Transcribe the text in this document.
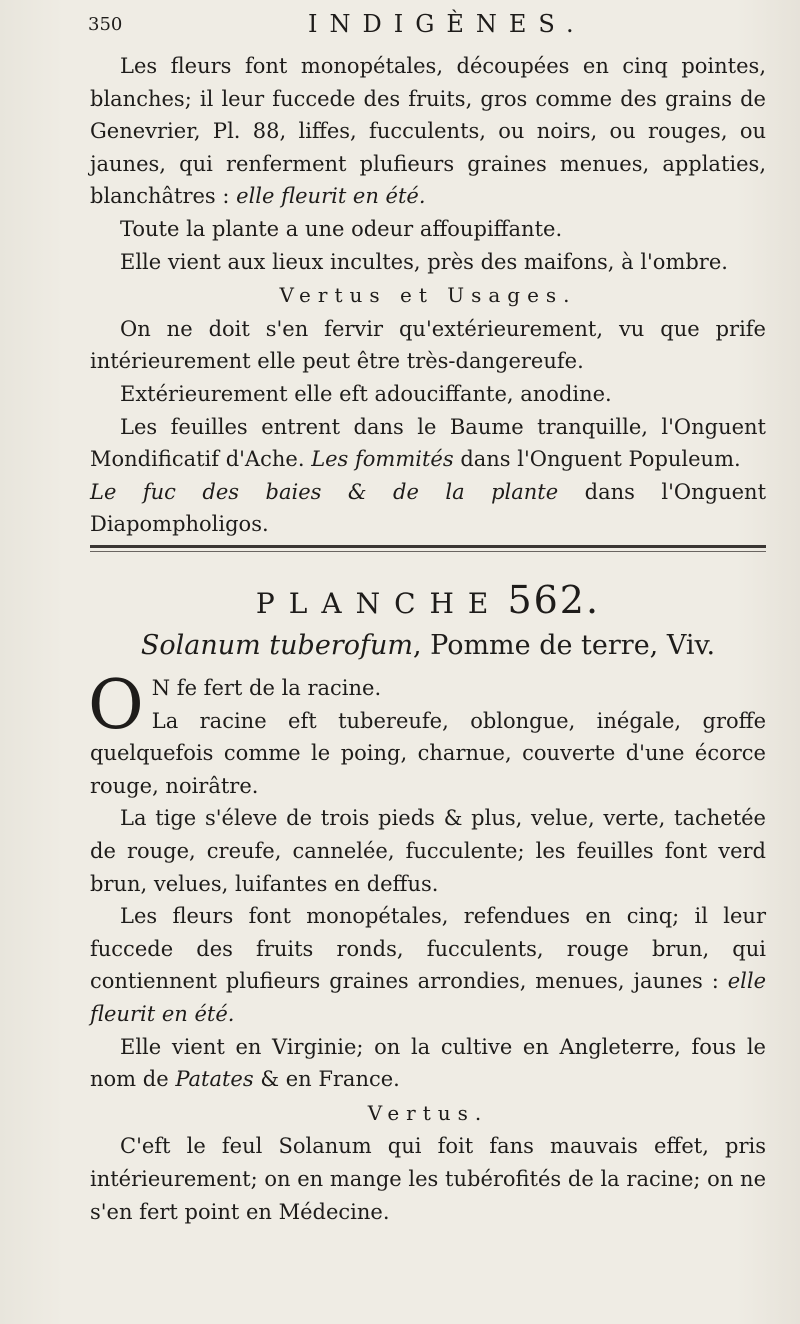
350	INDIGÈNES.

Les fleurs font monopétales, découpées en cinq pointes, blanches; il leur fuccede des fruits, gros comme des grains de Genevrier, Pl. 88, liffes, fucculents, ou noirs, ou rouges, ou jaunes, qui renferment plufieurs graines menues, applaties, blanchâtres : elle fleurit en été.

Toute la plante a une odeur affoupiffante.

Elle vient aux lieux incultes, près des maifons, à l'ombre.

Vertus et Usages.

On ne doit s'en fervir qu'extérieurement, vu que prife intérieurement elle peut être très-dangereufe.

Extérieurement elle eft adouciffante, anodine.

Les feuilles entrent dans le Baume tranquille, l'Onguent Mondificatif d'Ache. Les fommités dans l'Onguent Populeum.

Le fuc des baies & de la plante dans l'Onguent Diapompholigos.

PLANCHE 562.
Solanum tuberofum, Pomme de terre, Viv.

O N fe fert de la racine.

La racine eft tubereufe, oblongue, inégale, groffe quelquefois comme le poing, charnue, couverte d'une écorce rouge, noirâtre.

La tige s'éleve de trois pieds & plus, velue, verte, tachetée de rouge, creufe, cannelée, fucculente; les feuilles font verd brun, velues, luifantes en deffus.

Les fleurs font monopétales, refendues en cinq; il leur fuccede des fruits ronds, fucculents, rouge brun, qui contiennent plufieurs graines arrondies, menues, jaunes : elle fleurit en été.

Elle vient en Virginie; on la cultive en Angleterre, fous le nom de Patates & en France.

Vertus.

C'eft le feul Solanum qui foit fans mauvais effet, pris intérieurement; on en mange les tubérofités de la racine; on ne s'en fert point en Médecine.
